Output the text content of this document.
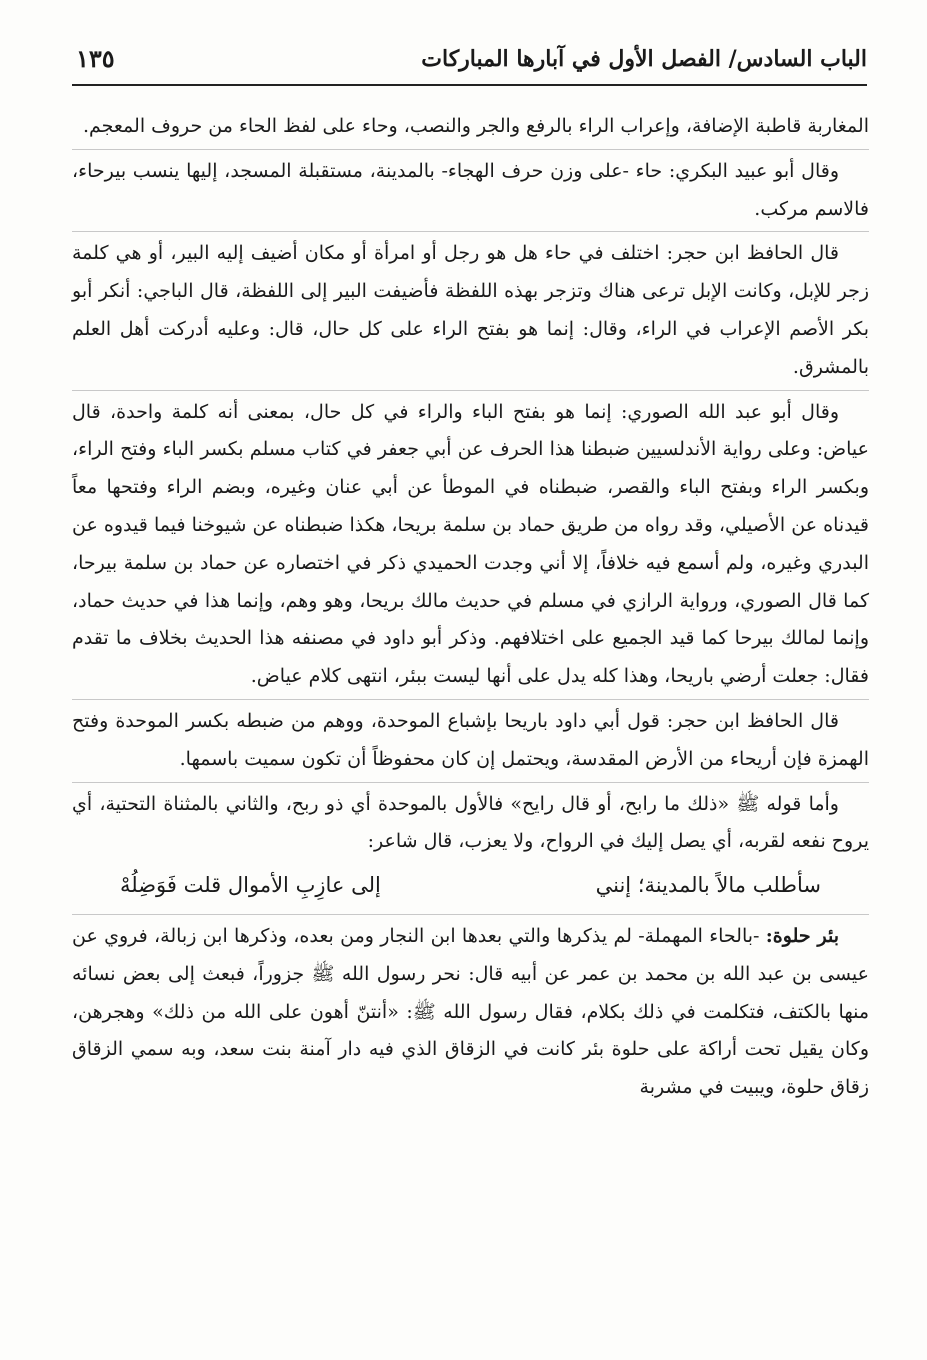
الباب السادس/ الفصل الأول في آبارها المباركات
١٣٥

المغاربة قاطبة الإضافة، وإعراب الراء بالرفع والجر والنصب، وحاء على لفظ الحاء من حروف المعجم.

وقال أبو عبيد البكري: حاء -على وزن حرف الهجاء- بالمدينة، مستقبلة المسجد، إليها ينسب بيرحاء، فالاسم مركب.

قال الحافظ ابن حجر: اختلف في حاء هل هو رجل أو امرأة أو مكان أضيف إليه البير، أو هي كلمة زجر للإبل، وكانت الإبل ترعى هناك وتزجر بهذه اللفظة فأضيفت البير إلى اللفظة، قال الباجي: أنكر أبو بكر الأصم الإعراب في الراء، وقال: إنما هو بفتح الراء على كل حال، قال: وعليه أدركت أهل العلم بالمشرق.

وقال أبو عبد الله الصوري: إنما هو بفتح الباء والراء في كل حال، بمعنى أنه كلمة واحدة، قال عياض: وعلى رواية الأندلسيين ضبطنا هذا الحرف عن أبي جعفر في كتاب مسلم بكسر الباء وفتح الراء، وبكسر الراء وبفتح الباء والقصر، ضبطناه في الموطأ عن أبي عنان وغيره، وبضم الراء وفتحها معاً قيدناه عن الأصيلي، وقد رواه من طريق حماد بن سلمة بريحا، هكذا ضبطناه عن شيوخنا فيما قيدوه عن البدري وغيره، ولم أسمع فيه خلافاً، إلا أني وجدت الحميدي ذكر في اختصاره عن حماد بن سلمة بيرحا، كما قال الصوري، ورواية الرازي في مسلم في حديث مالك بريحا، وهو وهم، وإنما هذا في حديث حماد، وإنما لمالك بيرحا كما قيد الجميع على اختلافهم. وذكر أبو داود في مصنفه هذا الحديث بخلاف ما تقدم فقال: جعلت أرضي باريحا، وهذا كله يدل على أنها ليست ببئر، انتهى كلام عياض.

قال الحافظ ابن حجر: قول أبي داود باريحا بإشباع الموحدة، ووهم من ضبطه بكسر الموحدة وفتح الهمزة فإن أريحاء من الأرض المقدسة، ويحتمل إن كان محفوظاً أن تكون سميت باسمها.

وأما قوله ﷺ «ذلك ما رابح، أو قال رايح» فالأول بالموحدة أي ذو ربح، والثاني بالمثناة التحتية، أي يروح نفعه لقربه، أي يصل إليك في الرواح، ولا يعزب، قال شاعر:

سأطلب مالاً بالمدينة؛ إنني
إلى عازِبِ الأموال قلت فَوَضِلُهْ

بئر حلوة: -بالحاء المهملة- لم يذكرها والتي بعدها ابن النجار ومن بعده، وذكرها ابن زبالة، فروي عن عيسى بن عبد الله بن محمد بن عمر عن أبيه قال: نحر رسول الله ﷺ جزوراً، فبعث إلى بعض نسائه منها بالكتف، فتكلمت في ذلك بكلام، فقال رسول الله ﷺ: «أنتنّ أهون على الله من ذلك» وهجرهن، وكان يقيل تحت أراكة على حلوة بئر كانت في الزقاق الذي فيه دار آمنة بنت سعد، وبه سمي الزقاق زقاق حلوة، ويبيت في مشربة
